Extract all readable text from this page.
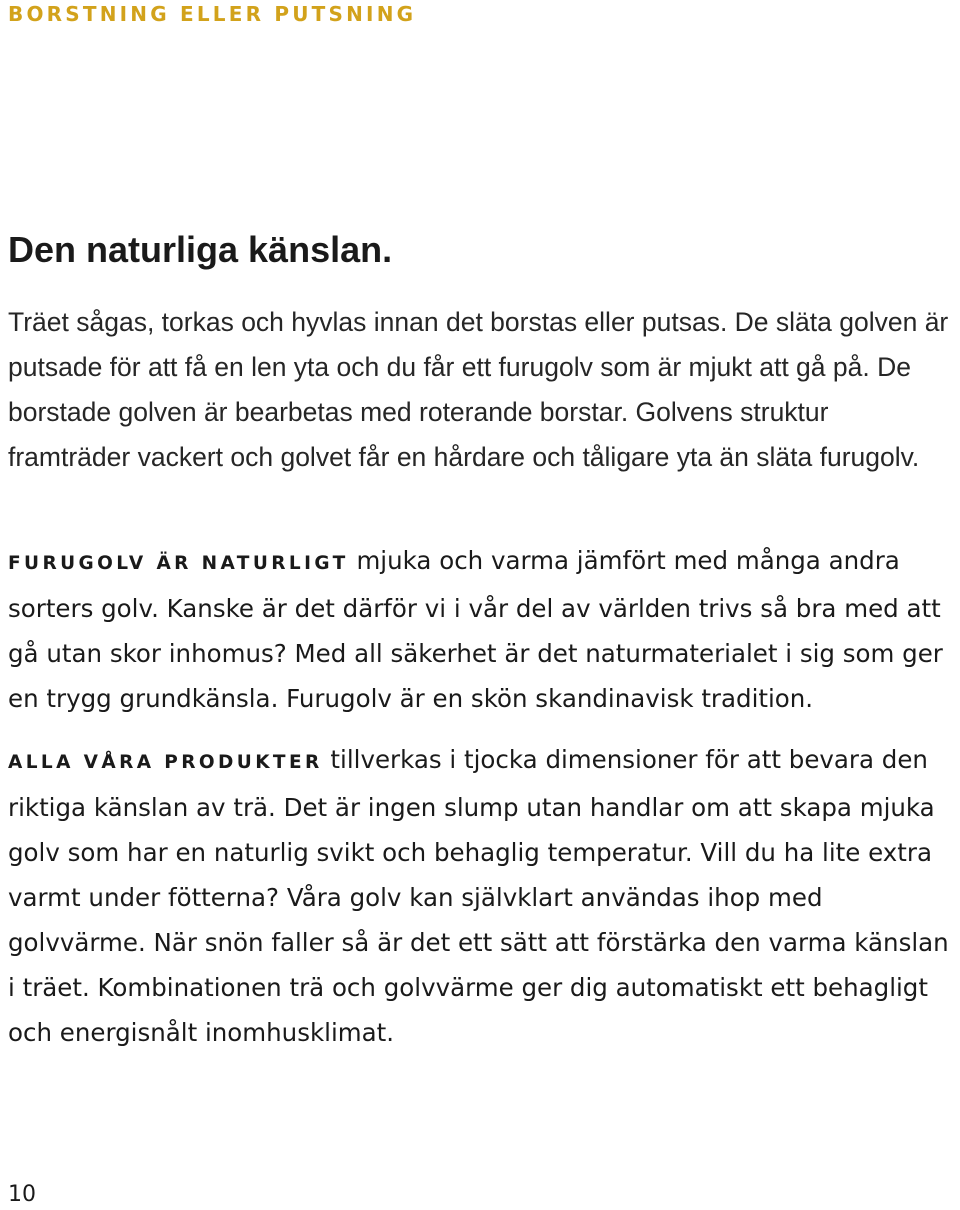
BORSTNING ELLER PUTSNING
Den naturliga känslan.

Träet sågas, torkas och hyvlas innan det borstas eller putsas. De släta golven är putsade för att få en len yta och du får ett furugolv som är mjukt att gå på. De borstade golven är bearbetas med roterande borstar. Golvens struktur framträder vackert och golvet får en hårdare och tåligare yta än släta furugolv.

FURUGOLV ÄR NATURLIGT mjuka och varma jämfört med många andra sorters golv. Kanske är det därför vi i vår del av världen trivs så bra med att gå utan skor inhomus? Med all säkerhet är det naturmaterialet i sig som ger en trygg grundkänsla. Furugolv är en skön skandinavisk tradition.

ALLA VÅRA PRODUKTER tillverkas i tjocka dimensioner för att bevara den riktiga känslan av trä. Det är ingen slump utan handlar om att skapa mjuka golv som har en naturlig svikt och behaglig temperatur. Vill du ha lite extra varmt under fötterna? Våra golv kan självklart användas ihop med golvvärme. När snön faller så är det ett sätt att förstärka den varma känslan i träet. Kombinationen trä och golvvärme ger dig automatiskt ett behagligt och energisnålt inomhusklimat.

10
